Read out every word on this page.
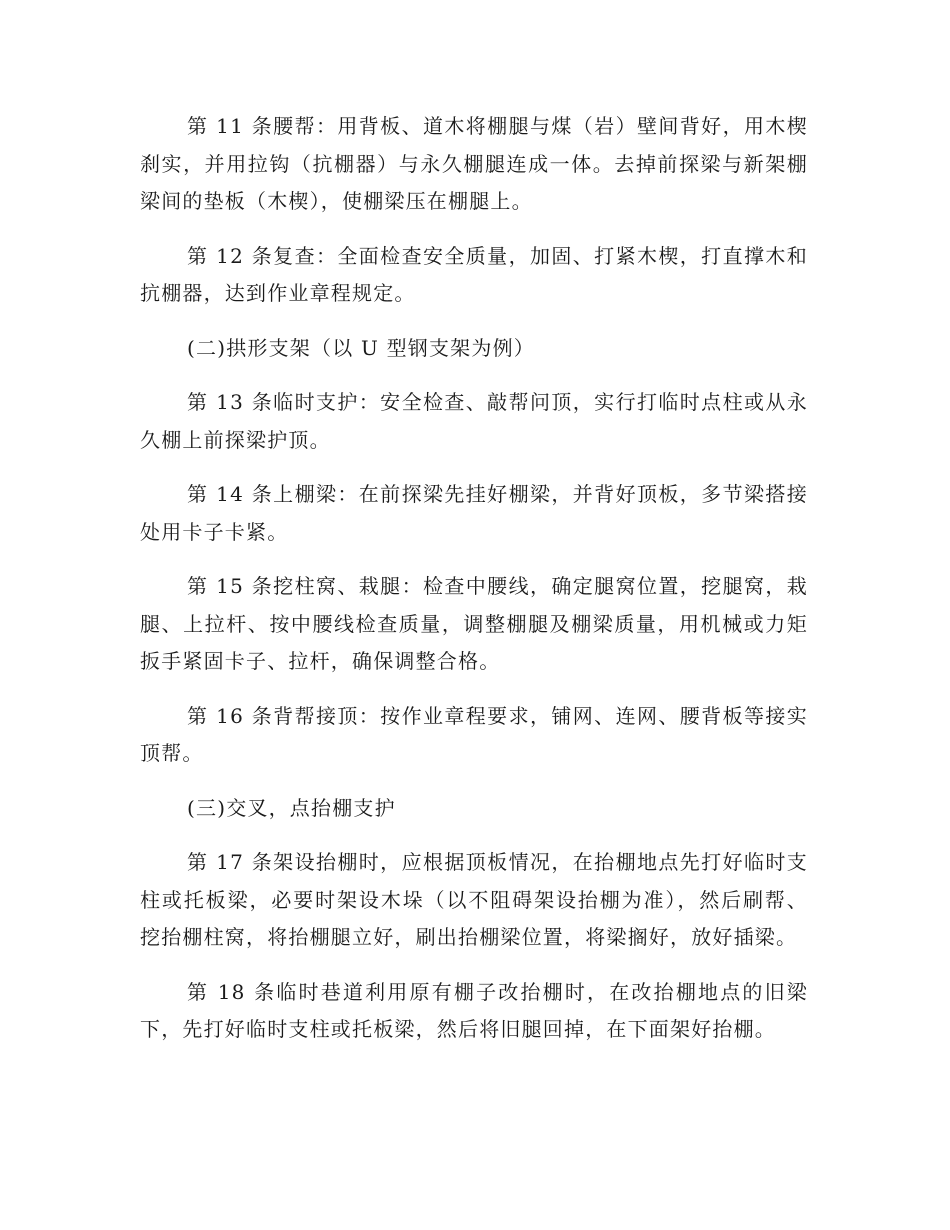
第 11 条腰帮：用背板、道木将棚腿与煤（岩）壁间背好，用木楔刹实，并用拉钩（抗棚器）与永久棚腿连成一体。去掉前探梁与新架棚梁间的垫板（木楔），使棚梁压在棚腿上。

第 12 条复查：全面检查安全质量，加固、打紧木楔，打直撑木和抗棚器，达到作业章程规定。

(二)拱形支架（以 U 型钢支架为例）

第 13 条临时支护：安全检查、敲帮问顶，实行打临时点柱或从永久棚上前探梁护顶。

第 14 条上棚梁：在前探梁先挂好棚梁，并背好顶板，多节梁搭接处用卡子卡紧。

第 15 条挖柱窝、栽腿：检查中腰线，确定腿窝位置，挖腿窝，栽腿、上拉杆、按中腰线检查质量，调整棚腿及棚梁质量，用机械或力矩扳手紧固卡子、拉杆，确保调整合格。

第 16 条背帮接顶：按作业章程要求，铺网、连网、腰背板等接实顶帮。

(三)交叉，点抬棚支护

第 17 条架设抬棚时，应根据顶板情况，在抬棚地点先打好临时支柱或托板梁，必要时架设木垛（以不阻碍架设抬棚为准），然后刷帮、挖抬棚柱窝，将抬棚腿立好，刷出抬棚梁位置，将梁搁好，放好插梁。

第 18 条临时巷道利用原有棚子改抬棚时，在改抬棚地点的旧梁下，先打好临时支柱或托板梁，然后将旧腿回掉，在下面架好抬棚。
